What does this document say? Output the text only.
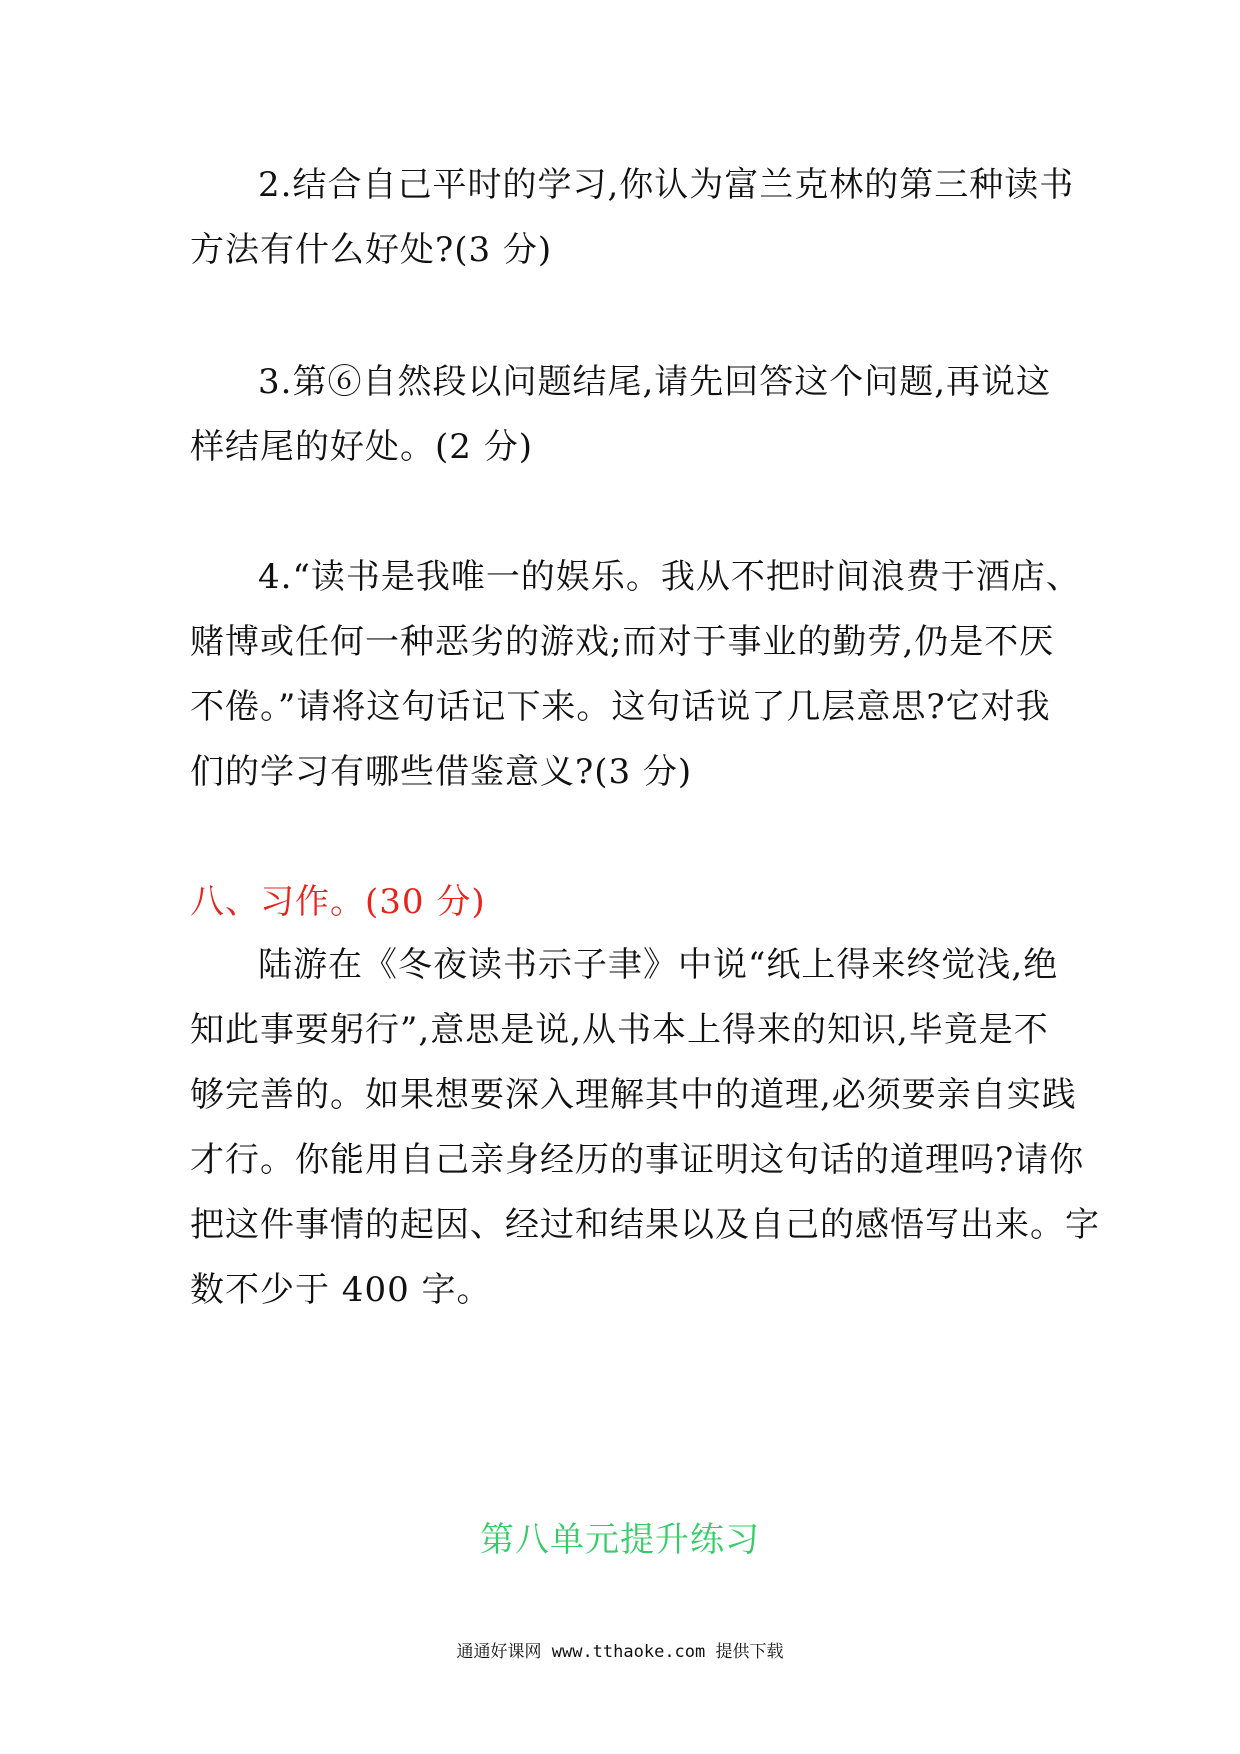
2.结合自己平时的学习,你认为富兰克林的第三种读书
方法有什么好处?(3 分)
3.第⑥自然段以问题结尾,请先回答这个问题,再说这
样结尾的好处。(2 分)
4.“读书是我唯一的娱乐。我从不把时间浪费于酒店、
赌博或任何一种恶劣的游戏;而对于事业的勤劳,仍是不厌
不倦。”请将这句话记下来。这句话说了几层意思?它对我
们的学习有哪些借鉴意义?(3 分)
八、习作。(30 分)
陆游在《冬夜读书示子聿》中说“纸上得来终觉浅,绝
知此事要躬行”,意思是说,从书本上得来的知识,毕竟是不
够完善的。如果想要深入理解其中的道理,必须要亲自实践
才行。你能用自己亲身经历的事证明这句话的道理吗?请你
把这件事情的起因、经过和结果以及自己的感悟写出来。字
数不少于 400 字。
第八单元提升练习
通通好课网 www.tthaoke.com 提供下载
